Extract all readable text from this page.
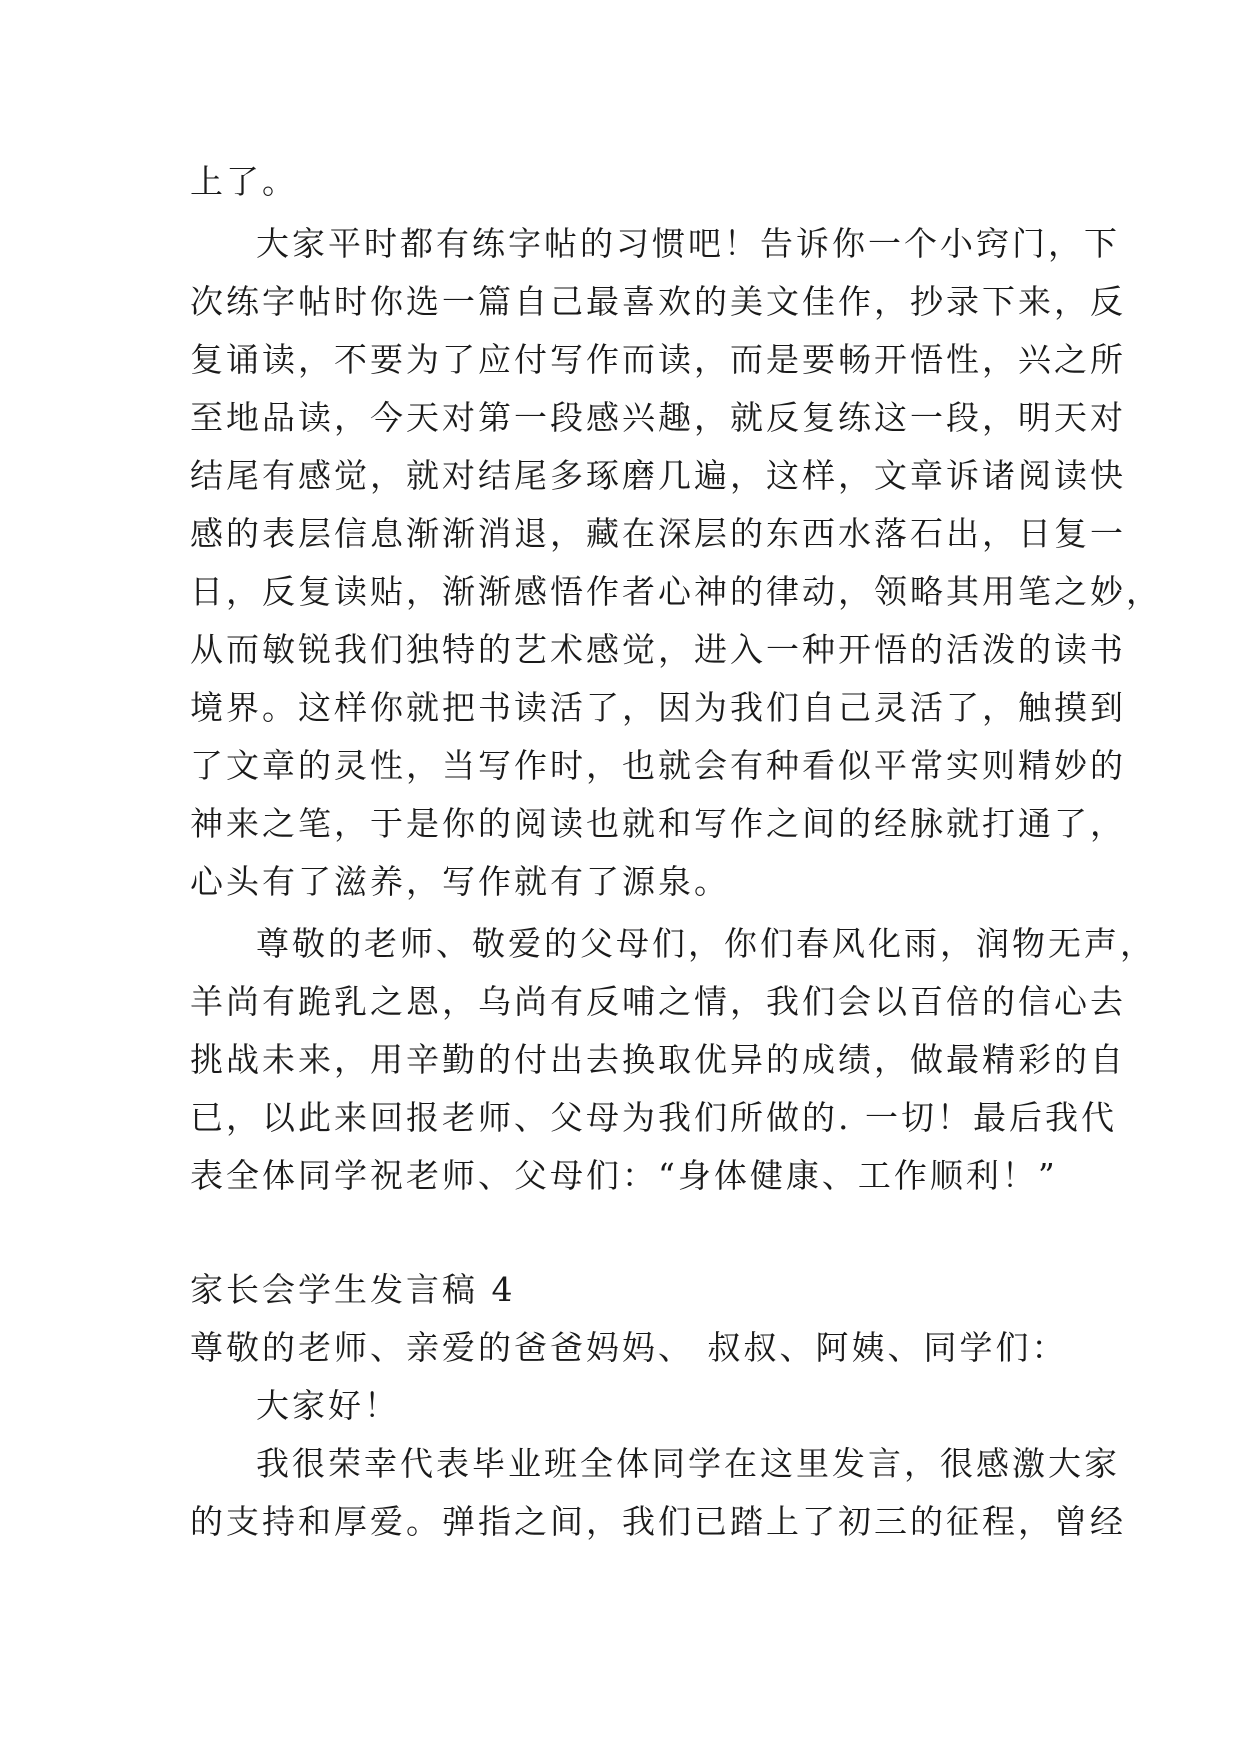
上了。
大家平时都有练字帖的习惯吧！告诉你一个小窍门，下
次练字帖时你选一篇自己最喜欢的美文佳作，抄录下来，反
复诵读，不要为了应付写作而读，而是要畅开悟性，兴之所
至地品读，今天对第一段感兴趣，就反复练这一段，明天对
结尾有感觉，就对结尾多琢磨几遍，这样，文章诉诸阅读快
感的表层信息渐渐消退，藏在深层的东西水落石出，日复一
日，反复读贴，渐渐感悟作者心神的律动，领略其用笔之妙，
从而敏锐我们独特的艺术感觉，进入一种开悟的活泼的读书
境界。这样你就把书读活了，因为我们自己灵活了，触摸到
了文章的灵性，当写作时，也就会有种看似平常实则精妙的
神来之笔，于是你的阅读也就和写作之间的经脉就打通了，
心头有了滋养，写作就有了源泉。
尊敬的老师、敬爱的父母们，你们春风化雨，润物无声，
羊尚有跪乳之恩，乌尚有反哺之情，我们会以百倍的信心去
挑战未来，用辛勤的付出去换取优异的成绩，做最精彩的自
已，以此来回报老师、父母为我们所做的. 一切！最后我代
表全体同学祝老师、父母们：“身体健康、工作顺利！”
家长会学生发言稿 4
尊敬的老师、亲爱的爸爸妈妈、 叔叔、阿姨、同学们：
大家好！
我很荣幸代表毕业班全体同学在这里发言，很感激大家
的支持和厚爱。弹指之间，我们已踏上了初三的征程，曾经
